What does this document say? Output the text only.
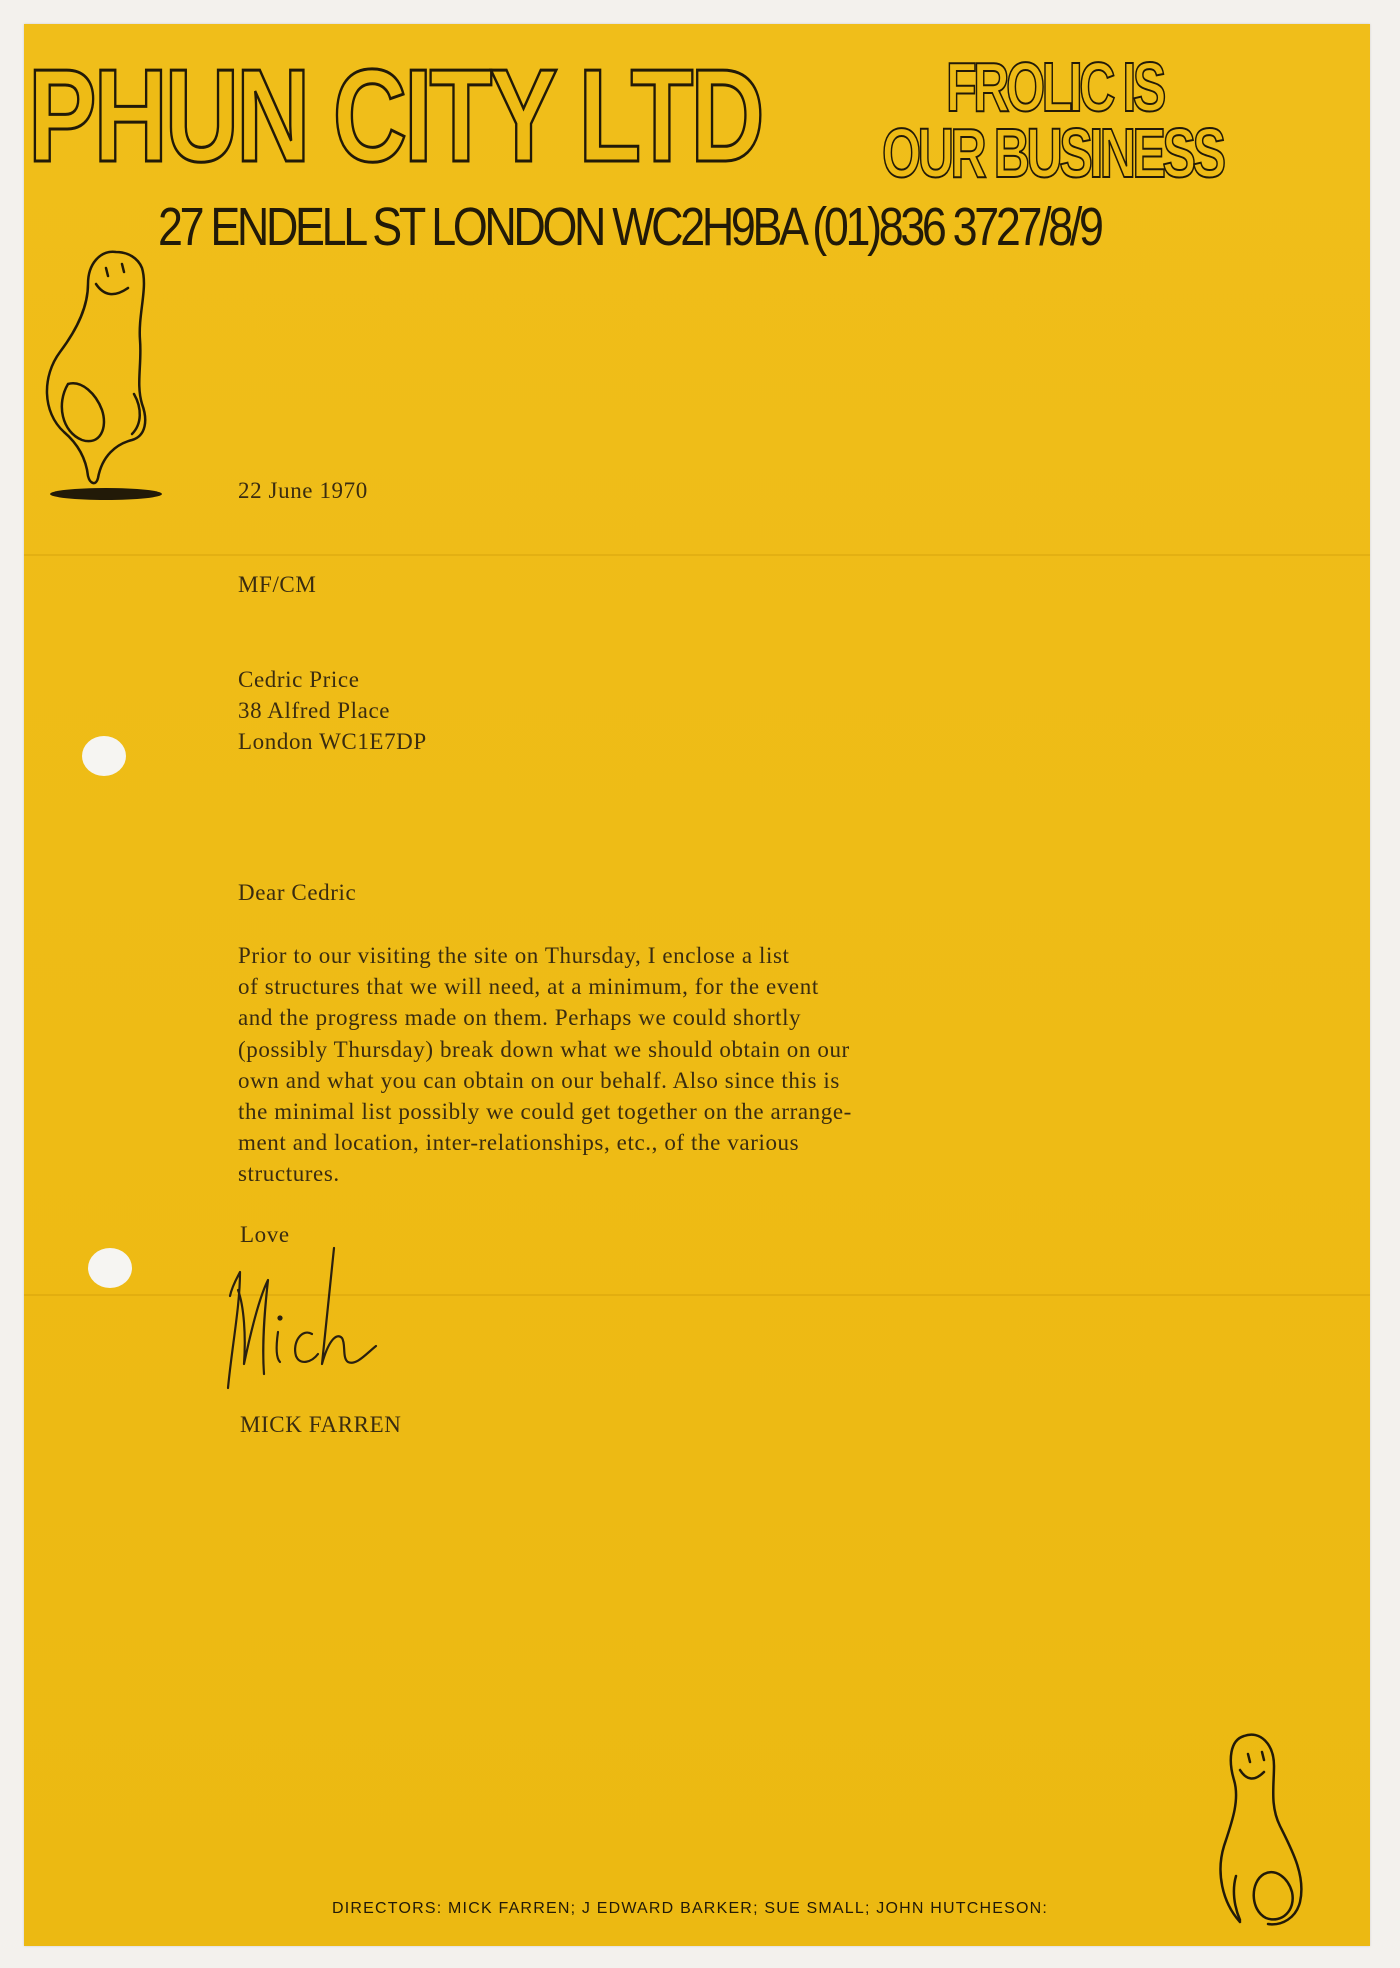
PHUN CITY LTD	FROLIC IS
OUR BUSINESS
27 ENDELL ST LONDON WC2H9BA (01)836 3727/8/9
22 June 1970
MF/CM

Cedric Price

38 Alfred Place

London WC1E7DP

Dear Cedric

Prior to our visiting the site on Thursday, I enclose a list

of structures that we will need, at a minimum, for the event

and the progress made on them. Perhaps we could shortly

(possibly Thursday) break down what we should obtain on our

own and what you can obtain on our behalf. Also since this is

the minimal list possibly we could get together on the arrange-

ment and location, inter-relationships, etc., of the various

structures.

Love
MICK FARREN
DIRECTORS: MICK FARREN; J EDWARD BARKER; SUE SMALL; JOHN HUTCHESON:
